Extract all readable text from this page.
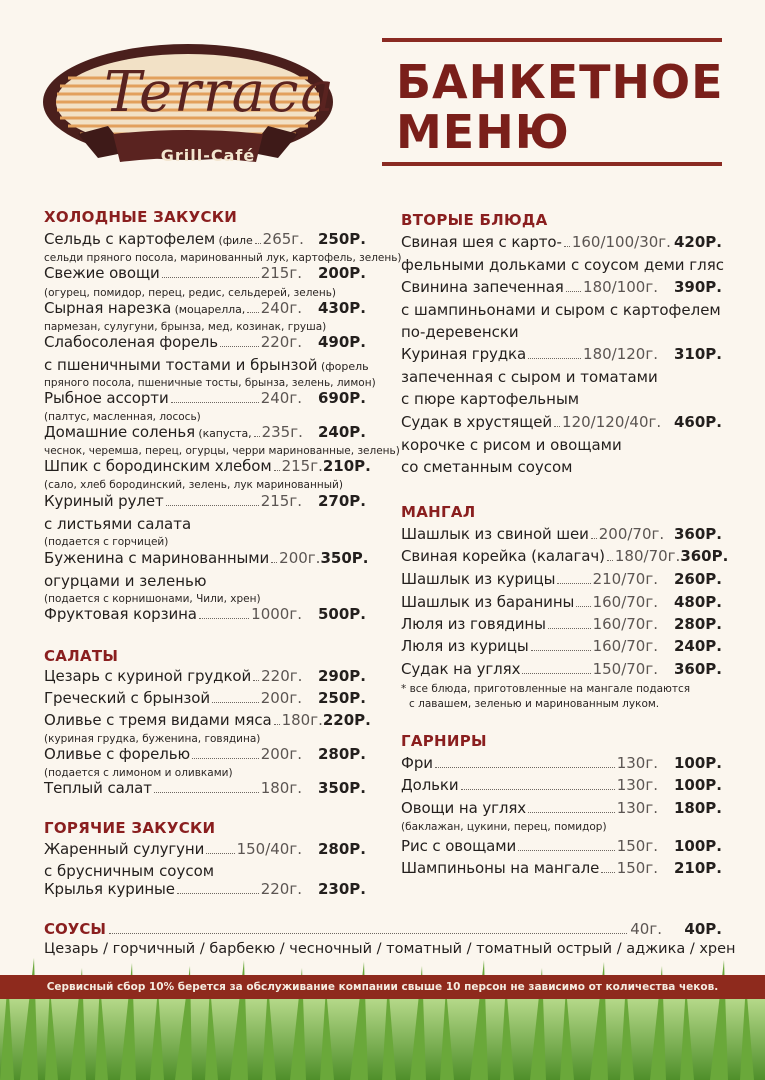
Terraca
Grill-Café
БАНКЕТНОЕ
МЕНЮ
ХОЛОДНЫЕ ЗАКУСКИ
Сельдь с картофелем (филе 265г. 250Р.
сельди пряного посола, маринованный лук, картофель, зелень)
Свежие овощи	215г.	200Р.
(огурец, помидор, перец, редис, сельдерей, зелень)
Сырная нарезка (моцарелла, 240г.	430Р.
пармезан, сулугуни, брынза, мед, козинак, груша)
Слабосоленая форель	220г.	490Р.
с пшеничными тостами и брынзой (форель
пряного посола, пшеничные тосты, брынза, зелень, лимон)
Рыбное ассорти	240г.	690Р.
(палтус, масленная, лосось)
Домашние соленья (капуста, 235г.	240Р.
чеснок, черемша, перец, огурцы, черри маринованные, зелень)
Шпик с бородинским хлебом 215г. 210Р.
(сало, хлеб бородинский, зелень, лук маринованный)
Куриный рулет	215г.	270Р.
с листьями салата
(подается с горчицей)
Буженина с маринованными 200г. 350Р.
огурцами и зеленью
(подается с корнишонами, Чили, хрен)
Фруктовая корзина	1000г.	500Р.
САЛАТЫ
Цезарь с куриной грудкой 220г.	290Р.
Греческий с брынзой	200г.	250Р.
Оливье с тремя видами мяса 180г. 220Р.
(куриная грудка, буженина, говядина)
Оливье с форелью	200г.	280Р.
(подается с лимоном и оливками)
Теплый салат	180г.	350Р.
ГОРЯЧИЕ ЗАКУСКИ
Жаренный сулугуни 150/40г.	280Р.
с брусничным соусом
Крылья куриные	220г.	230Р.
ВТОРЫЕ БЛЮДА
Свиная шея с карто- 160/100/30г. 420Р.
фельными дольками с соусом деми гляс
Свинина запеченная 180/100г.	390Р.
с шампиньонами и сыром с картофелем
по-деревенски
Куриная грудка	180/120г.	310Р.
запеченная с сыром и томатами
с пюре картофельным
Судак в хрустящей 120/120/40г. 460Р.
корочке с рисом и овощами
со сметанным соусом
МАНГАЛ
Шашлык из свиной шеи 200/70г. 360Р.
Свиная корейка (калагач) 180/70г. 360Р.
Шашлык из курицы 210/70г.	260Р.
Шашлык из баранины 160/70г.	480Р.
Люля из говядины	160/70г.	280Р.
Люля из курицы	160/70г.	240Р.
Судак на углях	150/70г.	360Р.
* все блюда, приготовленные на мангале подаются
с лавашем, зеленью и маринованным луком.
ГАРНИРЫ
Фри	130г.	100Р.
Дольки	130г.	100Р.
Овощи на углях	130г.	180Р.
(баклажан, цукини, перец, помидор)
Рис с овощами	150г.	100Р.
Шампиньоны на мангале 150г.	210Р.
СОУСЫ	40г.	40Р.
Цезарь / горчичный / барбекю / чесночный / томатный / томатный острый / аджика / хрен
Сервисный сбор 10% берется за обслуживание компании свыше 10 персон не зависимо от количества чеков.
